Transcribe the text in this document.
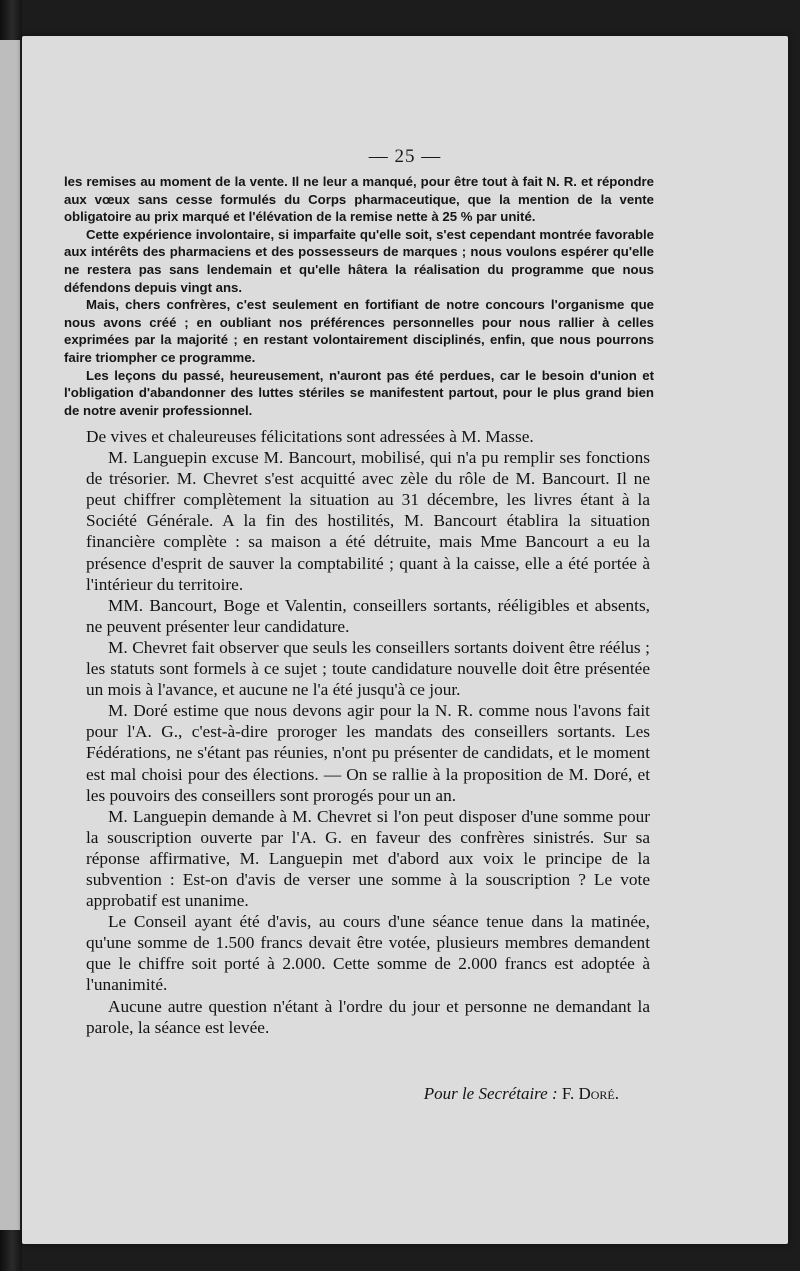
— 25 —

les remises au moment de la vente. Il ne leur a manqué, pour être tout à fait N. R. et répondre aux vœux sans cesse formulés du Corps pharmaceutique, que la mention de la vente obligatoire au prix marqué et l'élévation de la remise nette à 25 % par unité.

Cette expérience involontaire, si imparfaite qu'elle soit, s'est cependant montrée favorable aux intérêts des pharmaciens et des possesseurs de marques ; nous voulons espérer qu'elle ne restera pas sans lendemain et qu'elle hâtera la réalisation du programme que nous défendons depuis vingt ans.

Mais, chers confrères, c'est seulement en fortifiant de notre concours l'organisme que nous avons créé ; en oubliant nos préférences personnelles pour nous rallier à celles exprimées par la majorité ; en restant volontairement disciplinés, enfin, que nous pourrons faire triompher ce programme.

Les leçons du passé, heureusement, n'auront pas été perdues, car le besoin d'union et l'obligation d'abandonner des luttes stériles se manifestent partout, pour le plus grand bien de notre avenir professionnel.

De vives et chaleureuses félicitations sont adressées à M. Masse.

M. Languepin excuse M. Bancourt, mobilisé, qui n'a pu remplir ses fonctions de trésorier. M. Chevret s'est acquitté avec zèle du rôle de M. Bancourt. Il ne peut chiffrer complètement la situation au 31 décembre, les livres étant à la Société Générale. A la fin des hostilités, M. Bancourt établira la situation financière complète : sa maison a été détruite, mais Mme Bancourt a eu la présence d'esprit de sauver la comptabilité ; quant à la caisse, elle a été portée à l'intérieur du territoire.

MM. Bancourt, Boge et Valentin, conseillers sortants, rééligibles et absents, ne peuvent présenter leur candidature.

M. Chevret fait observer que seuls les conseillers sortants doivent être réélus ; les statuts sont formels à ce sujet ; toute candidature nouvelle doit être présentée un mois à l'avance, et aucune ne l'a été jusqu'à ce jour.

M. Doré estime que nous devons agir pour la N. R. comme nous l'avons fait pour l'A. G., c'est-à-dire proroger les mandats des conseillers sortants. Les Fédérations, ne s'étant pas réunies, n'ont pu présenter de candidats, et le moment est mal choisi pour des élections. — On se rallie à la proposition de M. Doré, et les pouvoirs des conseillers sont prorogés pour un an.

M. Languepin demande à M. Chevret si l'on peut disposer d'une somme pour la souscription ouverte par l'A. G. en faveur des confrères sinistrés. Sur sa réponse affirmative, M. Languepin met d'abord aux voix le principe de la subvention : Est-on d'avis de verser une somme à la souscription ? Le vote approbatif est unanime.

Le Conseil ayant été d'avis, au cours d'une séance tenue dans la matinée, qu'une somme de 1.500 francs devait être votée, plusieurs membres demandent que le chiffre soit porté à 2.000. Cette somme de 2.000 francs est adoptée à l'unanimité.

Aucune autre question n'étant à l'ordre du jour et personne ne demandant la parole, la séance est levée.

Pour le Secrétaire : F. Doré.
